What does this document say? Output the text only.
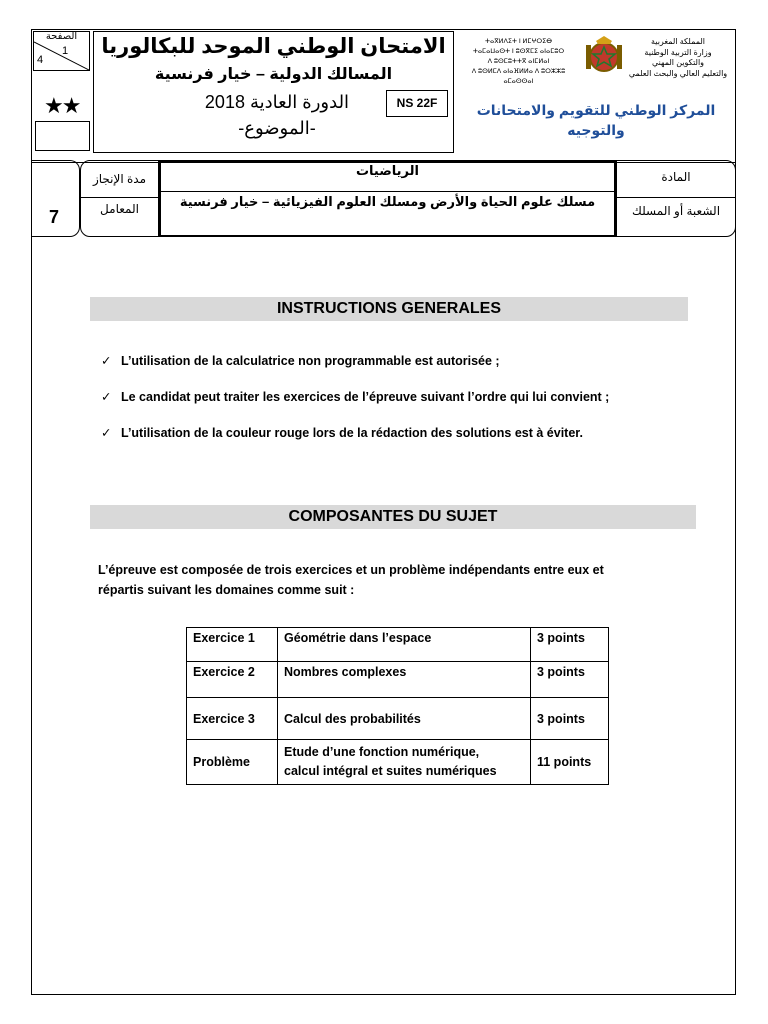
الصفحة
1
4
★★
الامتحان الوطني الموحد للبكالوريا
المسالك الدولية – خيار فرنسية
الدورة العادية 2018
-الموضوع-
NS 22F
ⵜⴰⴳⵍⴷⵉⵜ ⵏ ⵍⵎⵖⵔⵉⴱ
ⵜⴰⵎⴰⵡⴰⵙⵜ ⵏ ⵓⵙⴳⵎⵉ ⴰⵏⴰⵎⵓⵔ
ⴷ ⵓⵙⵎⵓⵜⵜⴳ ⴰⵏⵎⵍⴰⵏ
ⴷ ⵓⵙⵍⵎⴷ ⴰⵏⴰⴼⵍⵍⴰ ⴷ ⵓⵔⵣⵣⵓ ⴰⵎⴰⵙⵙⴰⵏ
المملكة المغربية
وزارة التربية الوطنية
والتكوين المهني
والتعليم العالي والبحث العلمي
المركز الوطني للتقويم والامتحانات والتوجيه
7
مدة الإنجاز
المعامل
الرياضيات
مسلك علوم الحياة والأرض ومسلك العلوم الفيزيائية – خيار فرنسية
المادة
الشعبة أو المسلك
INSTRUCTIONS GENERALES
✓ L’utilisation de la calculatrice non programmable est autorisée ;
✓ Le candidat peut traiter les exercices de l’épreuve suivant l’ordre qui lui convient ;
✓ L’utilisation de la couleur rouge lors de la rédaction des solutions est à éviter.
COMPOSANTES DU SUJET
L’épreuve est composée de trois exercices et un problème indépendants entre eux et
répartis suivant les domaines comme suit :
Exercice 1	Géométrie dans l’espace	3 points
Exercice 2	Nombres complexes	3 points
Exercice 3	Calcul des probabilités	3 points
Problème	Etude d’une fonction numérique,
calcul intégral et suites numériques	11 points
